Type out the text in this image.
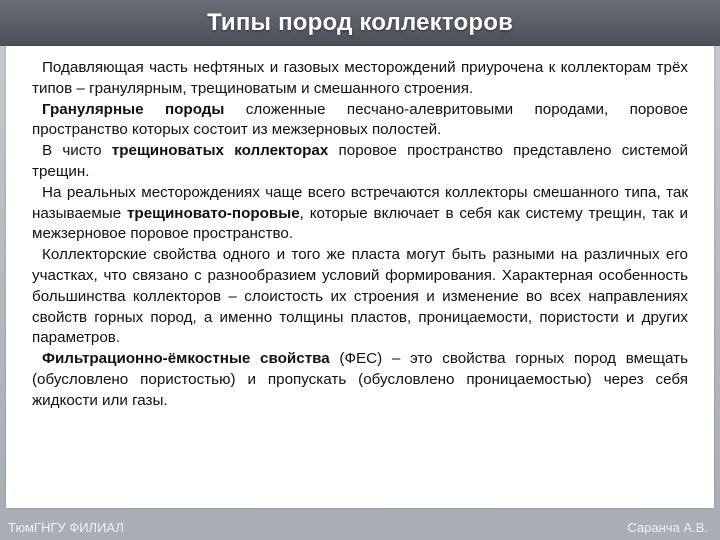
Типы пород коллекторов

Подавляющая часть нефтяных и газовых месторождений приурочена к коллекторам трёх типов – гранулярным, трещиноватым и смешанного строения.

Гранулярные породы сложенные песчано-алевритовыми породами, поровое пространство которых состоит из межзерновых полостей.

В чисто трещиноватых коллекторах поровое пространство представлено системой трещин.

На реальных месторождениях чаще всего встречаются коллекторы смешанного типа, так называемые трещиновато-поровые, которые включает в себя как систему трещин, так и межзерновое поровое пространство.

Коллекторские свойства одного и того же пласта могут быть разными на различных его участках, что связано с разнообразием условий формирования. Характерная особенность большинства коллекторов – слоистость их строения и изменение во всех направлениях свойств горных пород, а именно толщины пластов, проницаемости, пористости и других параметров.

Фильтрационно-ёмкостные свойства (ФЕС) – это свойства горных пород вмещать (обусловлено пористостью) и пропускать (обусловлено проницаемостью) через себя жидкости или газы.

ТюмГНГУ ФИЛИАЛ	Саранча А.В.
